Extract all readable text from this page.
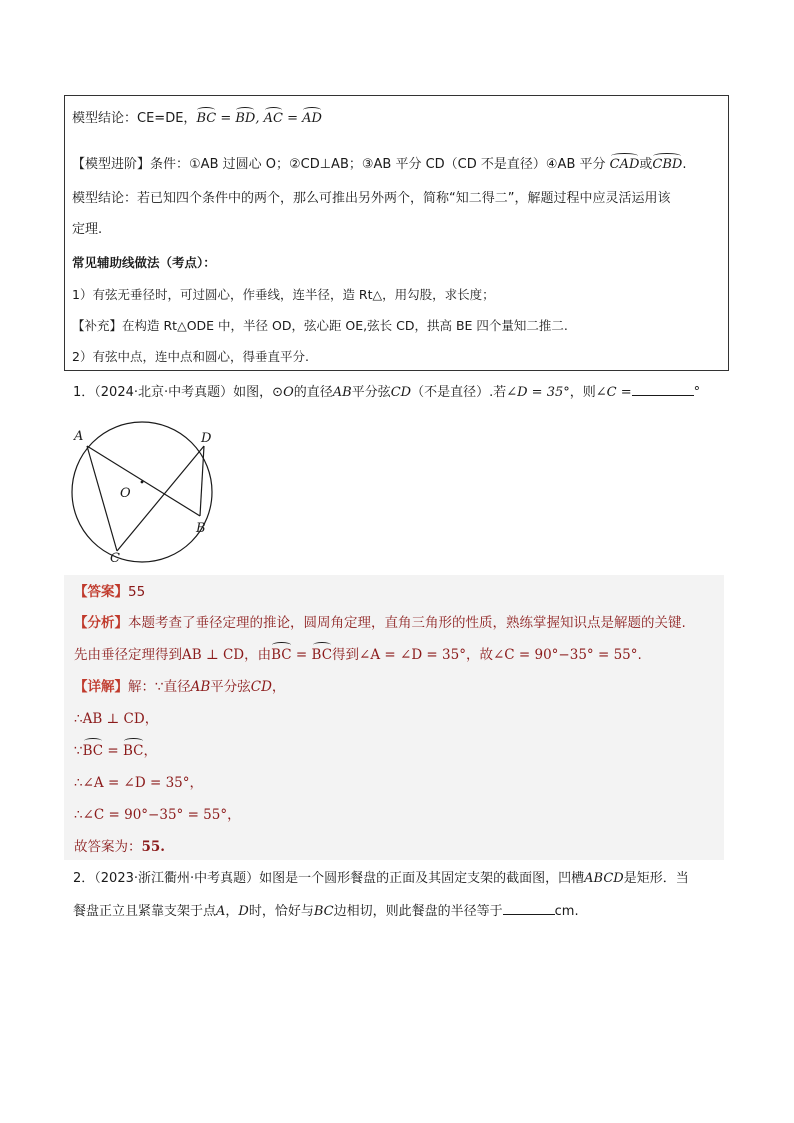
模型结论：CE=DE，BC = BD, AC = AD
【模型进阶】条件：①AB 过圆心 O；②CD⊥AB；③AB 平分 CD（CD 不是直径）④AB 平分 CAD或CBD.
模型结论：若已知四个条件中的两个，那么可推出另外两个，简称“知二得二”，解题过程中应灵活运用该
定理.
常见辅助线做法（考点）：
1）有弦无垂径时，可过圆心，作垂线，连半径，造 Rt△，用勾股，求长度；
【补充】在构造 Rt△ODE 中，半径 OD，弦心距 OE,弦长 CD，拱高 BE 四个量知二推二.
2）有弦中点，连中点和圆心，得垂直平分.
1．（2024·北京·中考真题）如图，⊙O的直径AB平分弦CD（不是直径）.若∠D = 35°，则∠C =	°
A	D
O
B
C
【答案】55
【分析】本题考查了垂径定理的推论，圆周角定理，直角三角形的性质，熟练掌握知识点是解题的关键.
先由垂径定理得到AB ⊥ CD，由BC = BC得到∠A = ∠D = 35°，故∠C = 90°−35° = 55°.
【详解】解：∵直径AB平分弦CD，
∴AB ⊥ CD，
∵BC = BC，
∴∠A = ∠D = 35°，
∴∠C = 90°−35° = 55°，
故答案为：55.
2．（2023·浙江衢州·中考真题）如图是一个圆形餐盘的正面及其固定支架的截面图，凹槽ABCD是矩形．当
餐盘正立且紧靠支架于点A，D时，恰好与BC边相切，则此餐盘的半径等于	cm.
